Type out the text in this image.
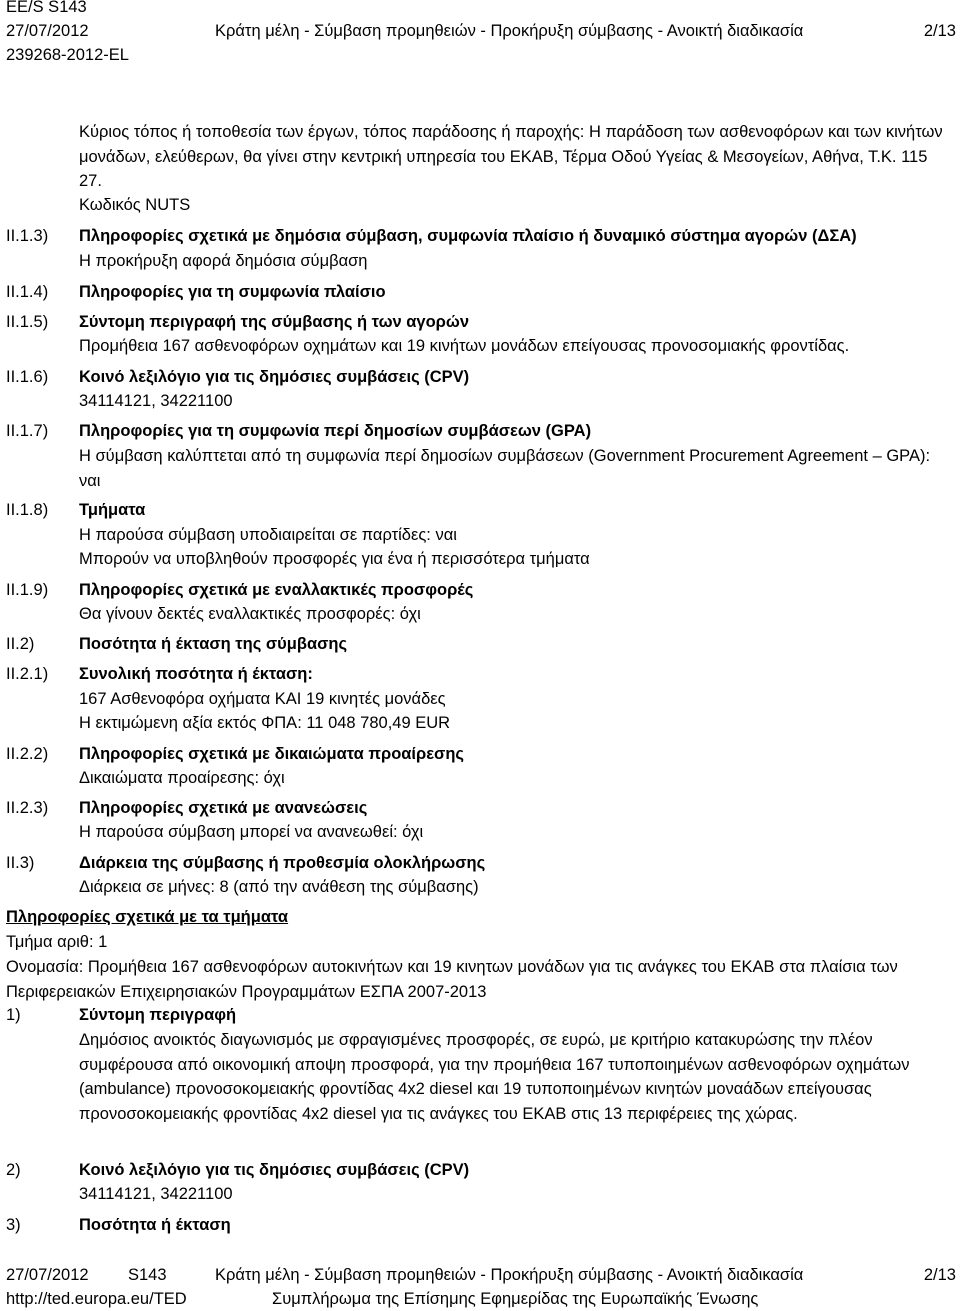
EE/S S143
27/07/2012	Κράτη μέλη - Σύμβαση προμηθειών - Προκήρυξη σύμβασης - Ανοικτή διαδικασία	2/13
239268-2012-EL
Κύριος τόπος ή τοποθεσία των έργων, τόπος παράδοσης ή παροχής: Η παράδοση των ασθενοφόρων και των κινήτων μονάδων, ελεύθερων, θα γίνει στην κεντρική υπηρεσία του ΕΚΑΒ, Τέρμα Οδού Υγείας & Μεσογείων, Αθήνα, Τ.Κ. 115 27.
Κωδικός NUTS
II.1.3) Πληροφορίες σχετικά με δημόσια σύμβαση, συμφωνία πλαίσιο ή δυναμικό σύστημα αγορών (ΔΣΑ)
Η προκήρυξη αφορά δημόσια σύμβαση
II.1.4) Πληροφορίες για τη συμφωνία πλαίσιο
II.1.5) Σύντομη περιγραφή της σύμβασης ή των αγορών
Προμήθεια 167 ασθενοφόρων οχημάτων και 19 κινήτων μονάδων επείγουσας προνοσομιακής φροντίδας.
II.1.6) Κοινό λεξιλόγιο για τις δημόσιες συμβάσεις (CPV)
34114121, 34221100
II.1.7) Πληροφορίες για τη συμφωνία περί δημοσίων συμβάσεων (GPA)
Η σύμβαση καλύπτεται από τη συμφωνία περί δημοσίων συμβάσεων (Government Procurement Agreement – GPA): ναι
II.1.8) Τμήματα
Η παρούσα σύμβαση υποδιαιρείται σε παρτίδες: ναι
Μπορούν να υποβληθούν προσφορές για ένα ή περισσότερα τμήματα
II.1.9) Πληροφορίες σχετικά με εναλλακτικές προσφορές
Θα γίνουν δεκτές εναλλακτικές προσφορές: όχι
II.2)	Ποσότητα ή έκταση της σύμβασης
II.2.1) Συνολική ποσότητα ή έκταση:
167 Ασθενοφόρα οχήματα ΚΑΙ 19 κινητές μονάδες
Η εκτιμώμενη αξία εκτός ΦΠΑ: 11 048 780,49 EUR
II.2.2) Πληροφορίες σχετικά με δικαιώματα προαίρεσης
Δικαιώματα προαίρεσης: όχι
II.2.3) Πληροφορίες σχετικά με ανανεώσεις
Η παρούσα σύμβαση μπορεί να ανανεωθεί: όχι
II.3)	Διάρκεια της σύμβασης ή προθεσμία ολοκλήρωσης
Διάρκεια σε μήνες: 8 (από την ανάθεση της σύμβασης)
Πληροφορίες σχετικά με τα τμήματα
Τμήμα αριθ: 1
Ονομασία: Προμήθεια 167 ασθενοφόρων αυτοκινήτων και 19 κινητων μονάδων για τις ανάγκες του ΕΚΑΒ στα πλαίσια των Περιφερειακών Επιχειρησιακών Προγραμμάτων ΕΣΠΑ 2007-2013
1)	Σύντομη περιγραφή
Δημόσιος ανοικτός διαγωνισμός με σφραγισμένες προσφορές, σε ευρώ, με κριτήριο κατακυρώσης την πλέον συμφέρουσα από οικονομική αποψη προσφορά, για την προμήθεια 167 τυποποιημένων ασθενοφόρων οχημάτων (ambulance) προνοσοκομειακής φροντίδας 4x2 diesel και 19 τυποποιημένων κινητών μοναάδων επείγουσας προνοσοκομειακής φροντίδας 4x2 diesel για τις ανάγκες του ΕΚΑΒ στις 13 περιφέρειες της χώρας.
2)	Κοινό λεξιλόγιο για τις δημόσιες συμβάσεις (CPV)
34114121, 34221100
3)	Ποσότητα ή έκταση
27/07/2012 S143	Κράτη μέλη - Σύμβαση προμηθειών - Προκήρυξη σύμβασης - Ανοικτή διαδικασία	2/13
http://ted.europa.eu/TED	Συμπλήρωμα της Επίσημης Εφημερίδας της Ευρωπαϊκής Ένωσης
